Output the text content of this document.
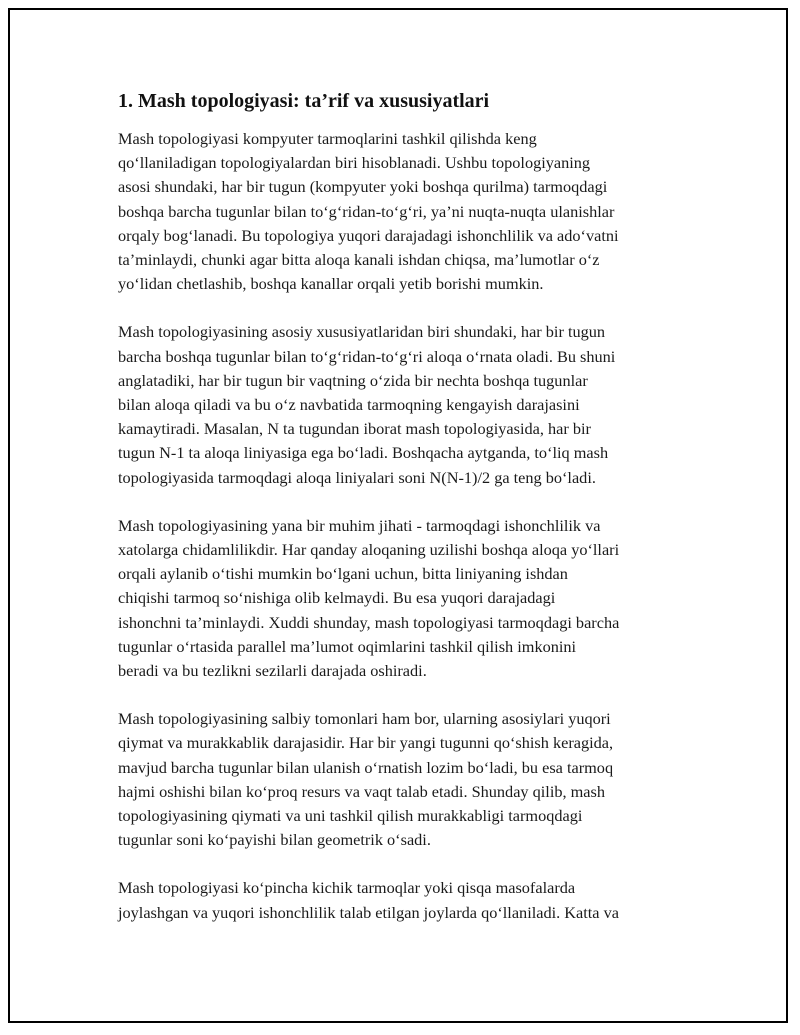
1. Mash topologiyasi: ta’rif va xususiyatlari

Mash topologiyasi kompyuter tarmoqlarini tashkil qilishda keng
qo‘llaniladigan topologiyalardan biri hisoblanadi. Ushbu topologiyaning
asosi shundaki, har bir tugun (kompyuter yoki boshqa qurilma) tarmoqdagi
boshqa barcha tugunlar bilan to‘g‘ridan-to‘g‘ri, ya’ni nuqta-nuqta ulanishlar
orqaly bog‘lanadi. Bu topologiya yuqori darajadagi ishonchlilik va ado‘vatni
ta’minlaydi, chunki agar bitta aloqa kanali ishdan chiqsa, ma’lumotlar o‘z
yo‘lidan chetlashib, boshqa kanallar orqali yetib borishi mumkin.

Mash topologiyasining asosiy xususiyatlaridan biri shundaki, har bir tugun
barcha boshqa tugunlar bilan to‘g‘ridan-to‘g‘ri aloqa o‘rnata oladi. Bu shuni
anglatadiki, har bir tugun bir vaqtning o‘zida bir nechta boshqa tugunlar
bilan aloqa qiladi va bu o‘z navbatida tarmoqning kengayish darajasini
kamaytiradi. Masalan, N ta tugundan iborat mash topologiyasida, har bir
tugun N-1 ta aloqa liniyasiga ega bo‘ladi. Boshqacha aytganda, to‘liq mash
topologiyasida tarmoqdagi aloqa liniyalari soni N(N-1)/2 ga teng bo‘ladi.

Mash topologiyasining yana bir muhim jihati - tarmoqdagi ishonchlilik va
xatolarga chidamlilikdir. Har qanday aloqaning uzilishi boshqa aloqa yo‘llari
orqali aylanib o‘tishi mumkin bo‘lgani uchun, bitta liniyaning ishdan
chiqishi tarmoq so‘nishiga olib kelmaydi. Bu esa yuqori darajadagi
ishonchni ta’minlaydi. Xuddi shunday, mash topologiyasi tarmoqdagi barcha
tugunlar o‘rtasida parallel ma’lumot oqimlarini tashkil qilish imkonini
beradi va bu tezlikni sezilarli darajada oshiradi.

Mash topologiyasining salbiy tomonlari ham bor, ularning asosiylari yuqori
qiymat va murakkablik darajasidir. Har bir yangi tugunni qo‘shish keragida,
mavjud barcha tugunlar bilan ulanish o‘rnatish lozim bo‘ladi, bu esa tarmoq
hajmi oshishi bilan ko‘proq resurs va vaqt talab etadi. Shunday qilib, mash
topologiyasining qiymati va uni tashkil qilish murakkabligi tarmoqdagi
tugunlar soni ko‘payishi bilan geometrik o‘sadi.

Mash topologiyasi ko‘pincha kichik tarmoqlar yoki qisqa masofalarda
joylashgan va yuqori ishonchlilik talab etilgan joylarda qo‘llaniladi. Katta va
